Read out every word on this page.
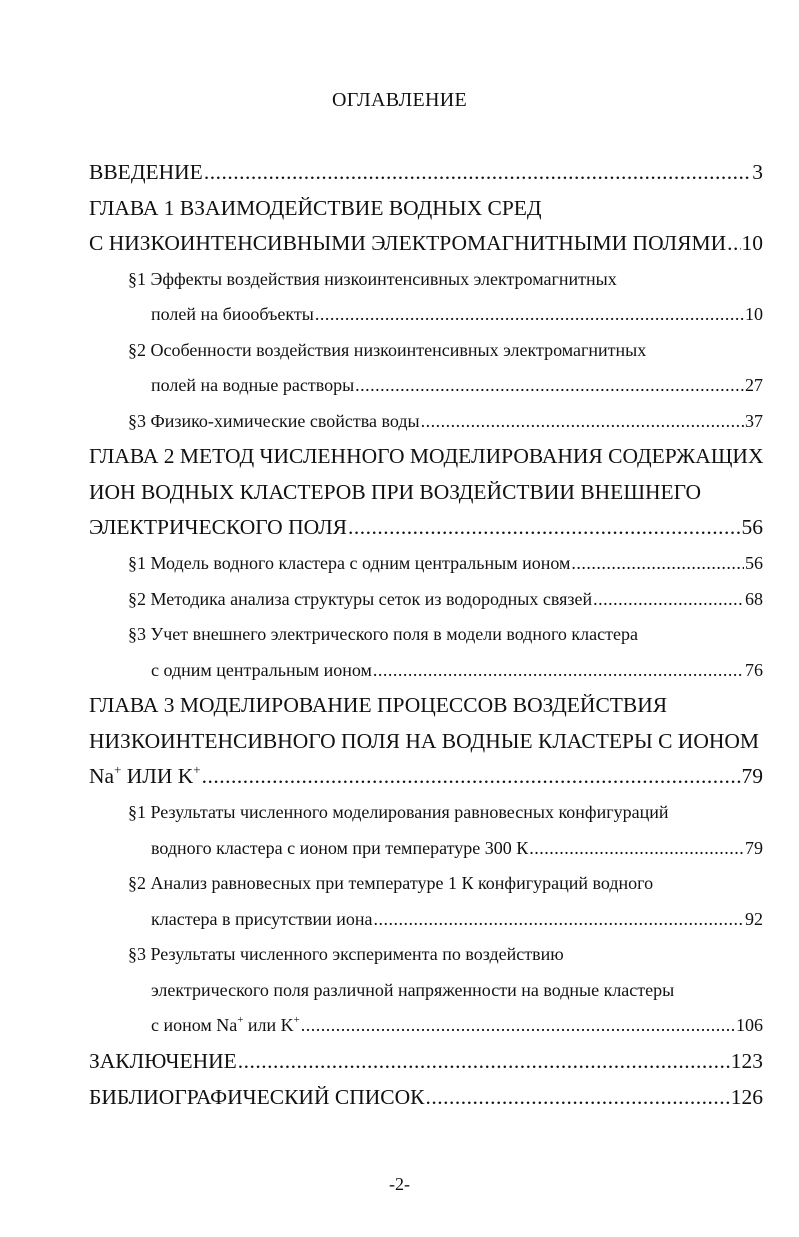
ОГЛАВЛЕНИЕ
ВВЕДЕНИЕ .....	3
ГЛАВА 1 ВЗАИМОДЕЙСТВИЕ ВОДНЫХ СРЕД
С НИЗКОИНТЕНСИВНЫМИ ЭЛЕКТРОМАГНИТНЫМИ ПОЛЯМИ ..... 10
§1 Эффекты воздействия низкоинтенсивных электромагнитных
полей на биообъекты .....	10
§2 Особенности воздействия низкоинтенсивных электромагнитных
полей на водные растворы .....	27
§3 Физико-химические свойства воды .....	37
ГЛАВА 2 МЕТОД ЧИСЛЕННОГО МОДЕЛИРОВАНИЯ СОДЕРЖАЩИХ
ИОН ВОДНЫХ КЛАСТЕРОВ ПРИ ВОЗДЕЙСТВИИ ВНЕШНЕГО
ЭЛЕКТРИЧЕСКОГО ПОЛЯ .....	56
§1 Модель водного кластера с одним центральным ионом .....	56
§2 Методика анализа структуры сеток из водородных связей .....	68
§3 Учет внешнего электрического поля в модели водного кластера
с одним центральным ионом .....	76
ГЛАВА 3 МОДЕЛИРОВАНИЕ ПРОЦЕССОВ ВОЗДЕЙСТВИЯ
НИЗКОИНТЕНСИВНОГО ПОЛЯ НА ВОДНЫЕ КЛАСТЕРЫ С ИОНОМ
Na+ ИЛИ K+ .....	79
§1 Результаты численного моделирования равновесных конфигураций
водного кластера с ионом при температуре 300 К .....	79
§2 Анализ равновесных при температуре 1 К конфигураций водного
кластера в присутствии иона .....	92
§3 Результаты численного эксперимента по воздействию
электрического поля различной напряженности на водные кластеры
с ионом Na+ или K+ .....	106
ЗАКЛЮЧЕНИЕ .....	123
БИБЛИОГРАФИЧЕСКИЙ СПИСОК .....	126
-2-
